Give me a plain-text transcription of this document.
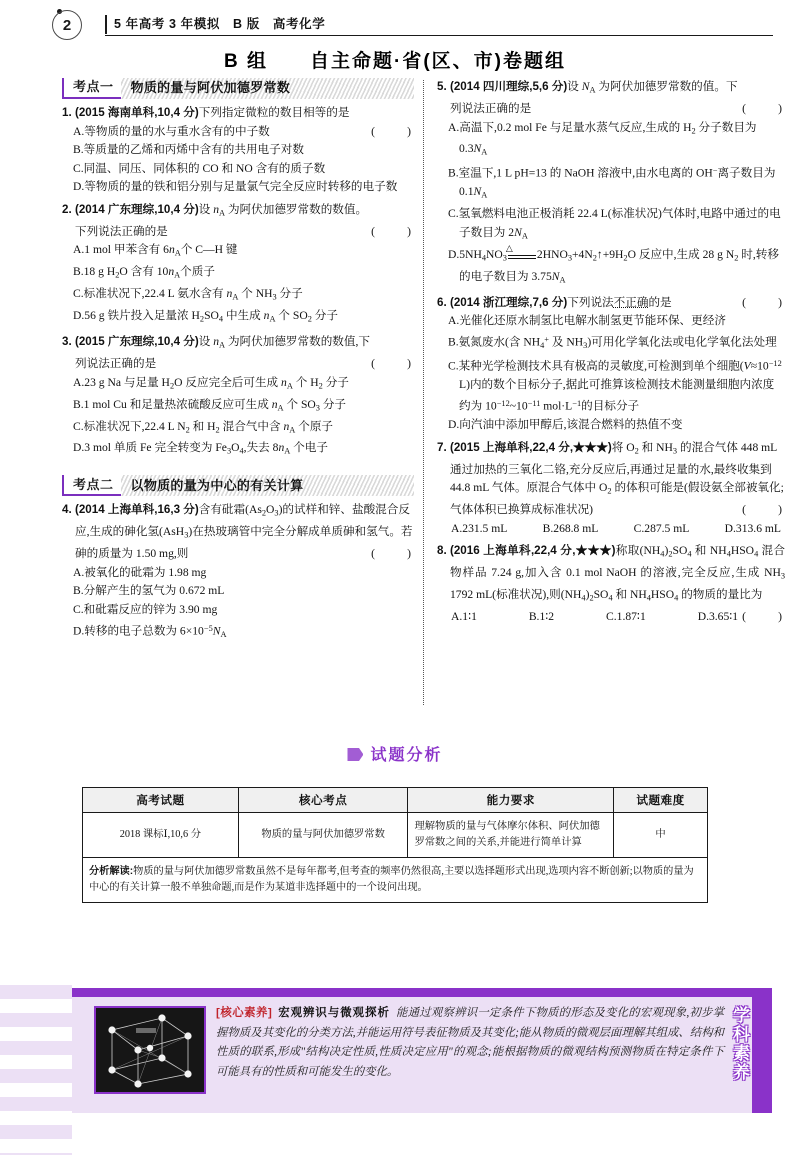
2	5 年高考 3 年模拟　B 版　高考化学
B 组　　自主命题·省(区、市)卷题组
考点一	物质的量与阿伏加德罗常数
1. (2015 海南单科,10,4 分)下列指定微粒的数目相等的是
(　　)
A.等物质的量的水与重水含有的中子数
B.等质量的乙烯和丙烯中含有的共用电子对数
C.同温、同压、同体积的 CO 和 NO 含有的质子数
D.等物质的量的铁和铝分别与足量氯气完全反应时转移的电子数
2. (2014 广东理综,10,4 分)设 $n_A$ 为阿伏加德罗常数的数值。
下列说法正确的是	(　　)
A.1 mol 甲苯含有 $6n_A$个 C—H 键
B.18 g $H_2O$ 含有 $10n_A$个质子
C.标准状况下,22.4 L 氨水含有 $n_A$ 个 $NH_3$ 分子
D.56 g 铁片投入足量浓 $H_2SO_4$ 中生成 $n_A$ 个 $SO_2$ 分子
3. (2015 广东理综,10,4 分)设 $n_A$ 为阿伏加德罗常数的数值,下
列说法正确的是	(　　)
A.23 g Na 与足量 $H_2O$ 反应完全后可生成 $n_A$ 个 $H_2$ 分子
B.1 mol Cu 和足量热浓硫酸反应可生成 $n_A$ 个 $SO_3$ 分子
C.标准状况下,22.4 L $N_2$ 和 $H_2$ 混合气中含 $n_A$ 个原子
D.3 mol 单质 Fe 完全转变为 $Fe_3O_4$,失去 $8n_A$ 个电子
考点二	以物质的量为中心的有关计算
4. (2014 上海单科,16,3 分)含有砒霜$(As_2O_3)$的试样和锌、盐酸混合反应,生成的砷化氢(AsH$_3$)在热玻璃管中完全分解成单质砷和氢气。若砷的质量为 1.50 mg,则	(　　)
A.被氧化的砒霜为 1.98 mg
B.分解产生的氢气为 0.672 mL
C.和砒霜反应的锌为 3.90 mg
D.转移的电子总数为 $6\times 10^{-5}N_A$
5. (2014 四川理综,5,6 分)设 $N_A$ 为阿伏加德罗常数的值。下
列说法正确的是	(　　)
A.高温下,0.2 mol Fe 与足量水蒸气反应,生成的 $H_2$ 分子数目为 $0.3N_A$
B.室温下,1 L pH=13 的 NaOH 溶液中,由水电离的 OH−离子数目为 $0.1N_A$
C.氢氧燃料电池正极消耗 22.4 L(标准状况)气体时,电路中通过的电子数目为 $2N_A$
$D.5NH_4NO_3$
△	$2HNO_3+4N_2↑+9H_2O$ 反应中,生成 28 g $N_2$ 时,转移的电子数目为 $3.75N_A$
6. (2014 浙江理综,7,6 分)下列说法不正确的是	(　　)
A.光催化还原水制氢比电解水制氢更节能环保、更经济
B.氨氮废水(含 $NH_4^+$ 及 $NH_3$)可用化学氧化法或电化学氧化法处理
C.某种光学检测技术具有极高的灵敏度,可检测到单个细胞($V\approx 10^{-12}$ L)内的数个目标分子,据此可推算该检测技术能测量细胞内浓度约为 $10^{-12}\sim 10^{-11}$ $mol\cdot L^{-1}$的目标分子
D.向汽油中添加甲醇后,该混合燃料的热值不变
7. (2015 上海单科,22,4 分,★★★)将 $O_2$ 和 $NH_3$ 的混合气体 448 mL 通过加热的三氧化二铬,充分反应后,再通过足量的水,最终收集到 44.8 mL 气体。原混合气体中 $O_2$ 的体积可能是(假设氨全部被氧化;气体体积已换算成标准状况)	(　　)
A.231.5 mL	B.268.8 mL	C.287.5 mL	D.313.6 mL
8. (2016 上海单科,22,4 分,★★★)称取$(NH_4)_2SO_4$ 和 $NH_4HSO_4$ 混合物样品 7.24 g,加入含 0.1 mol NaOH 的溶液,完全反应,生成 $NH_3$ 1792 mL(标准状况),则$(NH_4)_2SO_4$ 和 $NH_4HSO_4$ 的物质的量比为
(　　)
A.1∶1	B.1∶2	C.1.87∶1	D.3.65∶1
试题分析
高考试题	核心考点	能力要求	试题难度
2018 课标Ⅰ,10,6 分	物质的量与阿伏加德罗常数	理解物质的量与气体摩尔体积、阿伏加德罗常数之间的关系,并能进行简单计算	中
分析解读:物质的量与阿伏加德罗常数虽然不是每年都考,但考查的频率仍然很高,主要以选择题形式出现,选项内容不断创新;以物质的量为中心的有关计算一般不单独命题,而是作为某道非选择题中的一个设问出现。			
[核心素养] 宏观辨识与微观探析 能通过观察辨识一定条件下物质的形态及变化的宏观现象,初步掌握物质及其变化的分类方法,并能运用符号表征物质及其变化;能从物质的微观层面理解其组成、结构和性质的联系,形成"结构决定性质,性质决定应用"的观念;能根据物质的微观结构预测物质在特定条件下可能具有的性质和可能发生的变化。	学科素养
